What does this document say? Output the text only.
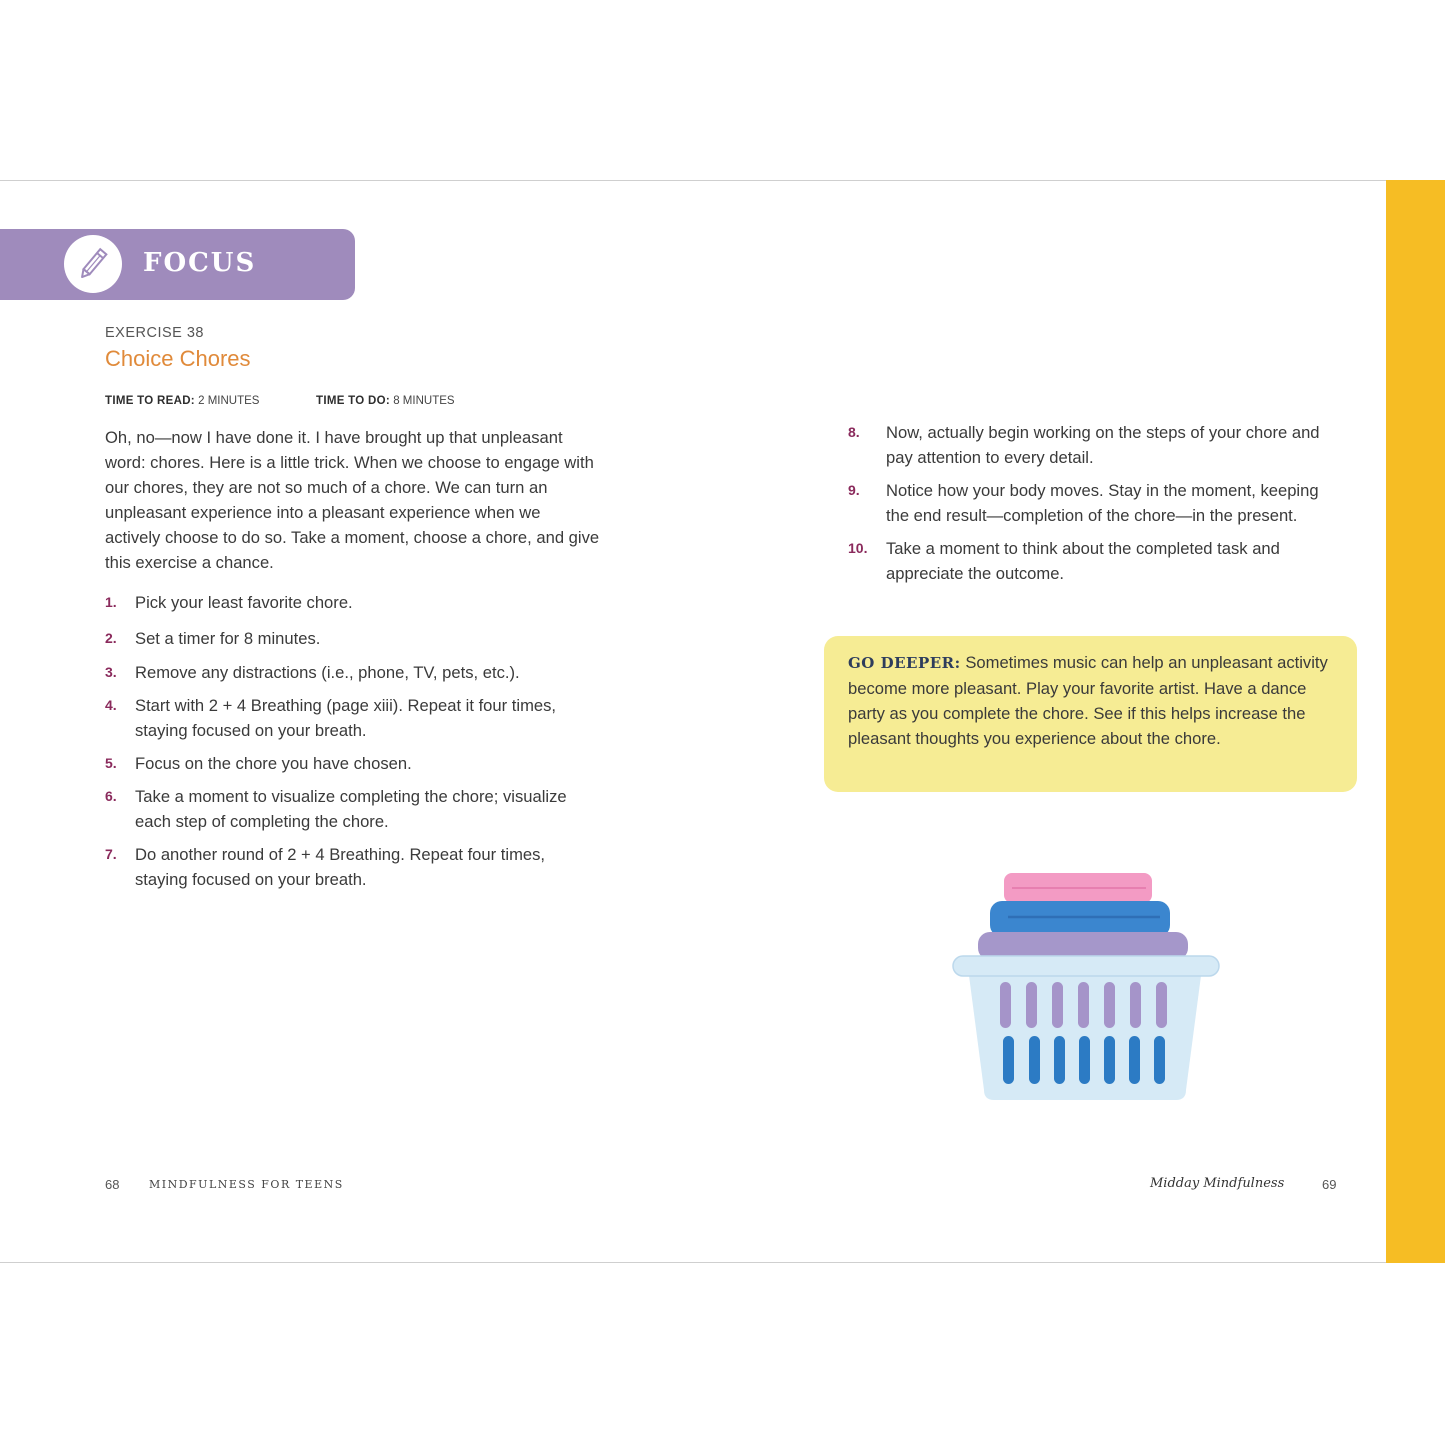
FOCUS
EXERCISE 38
Choice Chores
TIME TO READ: 2 MINUTES	TIME TO DO: 8 MINUTES

Oh, no—now I have done it. I have brought up that unpleasant word: chores. Here is a little trick. When we choose to engage with our chores, they are not so much of a chore. We can turn an unpleasant experience into a pleasant experience when we actively choose to do so. Take a moment, choose a chore, and give this exercise a chance.

1. Pick your least favorite chore.
2. Set a timer for 8 minutes.
3. Remove any distractions (i.e., phone, TV, pets, etc.).
4. Start with 2 + 4 Breathing (page xiii). Repeat it four times, staying focused on your breath.
5. Focus on the chore you have chosen.
6. Take a moment to visualize completing the chore; visualize each step of completing the chore.
7. Do another round of 2 + 4 Breathing. Repeat four times, staying focused on your breath.
8. Now, actually begin working on the steps of your chore and pay attention to every detail.
9. Notice how your body moves. Stay in the moment, keeping the end result—completion of the chore—in the present.
10. Take a moment to think about the completed task and appreciate the outcome.
GO DEEPER: Sometimes music can help an unpleasant activity become more pleasant. Play your favorite artist. Have a dance party as you complete the chore. See if this helps increase the pleasant thoughts you experience about the chore.
68	MINDFULNESS FOR TEENS	Midday Mindfulness	69
